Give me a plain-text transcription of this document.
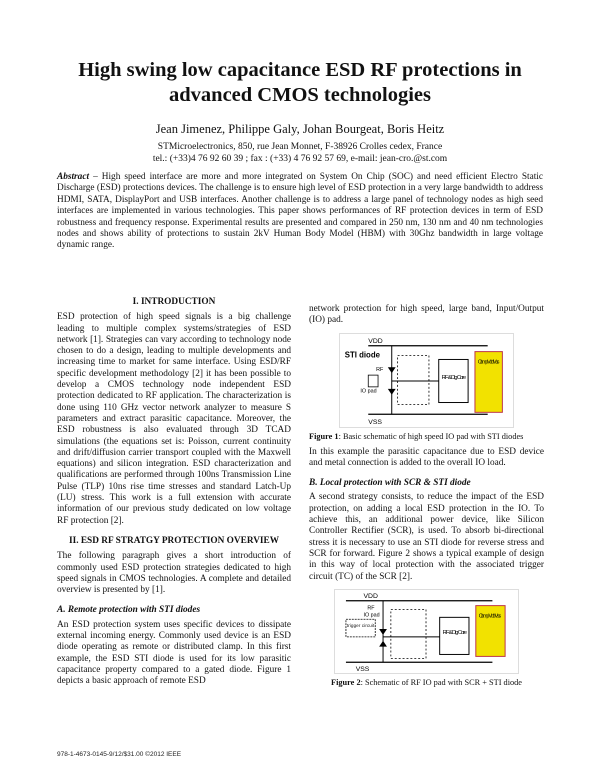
High swing low capacitance ESD RF protections in
advanced CMOS technologies
Jean Jimenez, Philippe Galy, Johan Bourgeat, Boris Heitz
STMicroelectronics, 850, rue Jean Monnet, F-38926 Crolles cedex, France
tel.: (+33)4 76 92 60 39 ; fax : (+33) 4 76 92 57 69, e-mail: jean-cro.@st.com
Abstract – High speed interface are more and more integrated on System On Chip (SOC) and need efficient Electro Static Discharge (ESD) protections devices. The challenge is to ensure high level of ESD protection in a very large bandwidth to address HDMI, SATA, DisplayPort and USB interfaces. Another challenge is to address a large panel of technology nodes as high seed interfaces are implemented in various technologies. This paper shows performances of RF protection devices in term of ESD robustness and frequency response. Experimental results are presented and compared in 250 nm, 130 nm and 40 nm technologies nodes and shows ability of protections to sustain 2kV Human Body Model (HBM) with 30Ghz bandwidth in large voltage dynamic range.
I. INTRODUCTION

ESD protection of high speed signals is a big challenge leading to multiple complex systems/strategies of ESD network [1]. Strategies can vary according to technology node chosen to do a design, leading to multiple developments and increasing time to market for same interface. Using ESD/RF specific development methodology [2] it has been possible to develop a CMOS technology node independent ESD protection dedicated to RF application. The characterization is done using 110 GHz vector network analyzer to measure S parameters and extract parasitic capacitance. Moreover, the ESD robustness is also evaluated through 3D TCAD simulations (the equations set is: Poisson, current continuity and drift/diffusion carrier transport coupled with the Maxwell equations) and silicon integration. ESD characterization and qualifications are performed through 100ns Transmission Line Pulse (TLP) 10ns rise time stresses and standard Latch-Up (LU) stress. This work is a full extension with accurate information of our previous study dedicated on low voltage RF protection [2].

II. ESD RF STRATGY PROTECTION OVERVIEW

The following paragraph gives a short introduction of commonly used ESD protection strategies dedicated to high speed signals in CMOS technologies. A complete and detailed overview is presented by [1].

A. Remote protection with STI diodes

An ESD protection system uses specific devices to dissipate external incoming energy. Commonly used device is an ESD diode operating as remote or distributed clamp. In this first example, the ESD STI diode is used for its low parasitic capacitance property compared to a gated diode. Figure 1 depicts a basic approach of remote ESD

network protection for high speed, large band, Input/Output (IO) pad.

VDD
STI diode
RF
IO pad
RF & Dig Core
Clamp Vdd Vss
VSS
Figure 1: Basic schematic of high speed IO pad with STI diodes

In this example the parasitic capacitance due to ESD device and metal connection is added to the overall IO load.

B. Local protection with SCR & STI diode

A second strategy consists, to reduce the impact of the ESD protection, on adding a local ESD protection in the IO. To achieve this, an additional power device, like Silicon Controller Rectifier (SCR), is used. To absorb bi-directional stress it is necessary to use an STI diode for reverse stress and SCR for forward. Figure 2 shows a typical example of design in this way of local protection with the associated trigger circuit (TC) of the SCR [2].

VDD
RF
IO pad
trigger circuit
RF & Dig Core
Clamp Vdd Vss
VSS
Figure 2: Schematic of RF IO pad with SCR + STI diode
978-1-4673-0145-9/12/$31.00 ©2012 IEEE
